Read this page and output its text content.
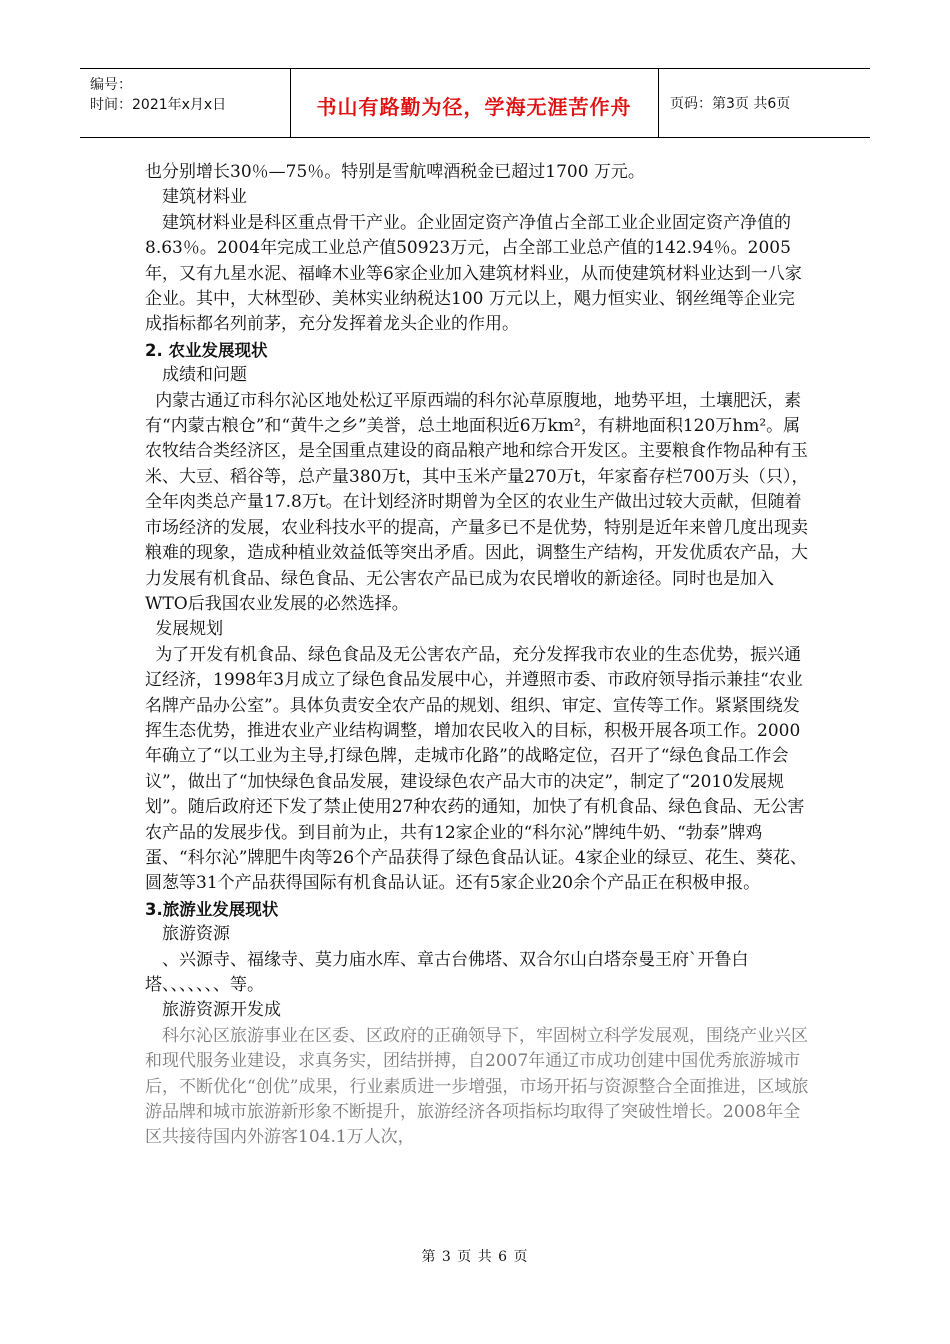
编号：
时间：2021年x月x日	书山有路勤为径，学海无涯苦作舟	页码：第3页 共6页

也分别增长30％—75％。特别是雪航啤酒税金已超过1700 万元。

建筑材料业

建筑材料业是科区重点骨干产业。企业固定资产净值占全部工业企业固定资产净值的8.63％。2004年完成工业总产值50923万元，占全部工业总产值的142.94％。2005年，又有九星水泥、福峰木业等6家企业加入建筑材料业，从而使建筑材料业达到一八家企业。其中，大林型砂、美林实业纳税达100 万元以上，飓力恒实业、钢丝绳等企业完成指标都名列前茅，充分发挥着龙头企业的作用。

2. 农业发展现状

成绩和问题

内蒙古通辽市科尔沁区地处松辽平原西端的科尔沁草原腹地，地势平坦，土壤肥沃，素有“内蒙古粮仓”和“黄牛之乡”美誉，总土地面积近6万km²，有耕地面积120万hm²。属农牧结合类经济区，是全国重点建设的商品粮产地和综合开发区。主要粮食作物品种有玉米、大豆、稻谷等，总产量380万t，其中玉米产量270万t，年家畜存栏700万头（只），全年肉类总产量17.8万t。在计划经济时期曾为全区的农业生产做出过较大贡献，但随着市场经济的发展，农业科技水平的提高，产量多已不是优势，特别是近年来曾几度出现卖粮难的现象，造成种植业效益低等突出矛盾。因此，调整生产结构，开发优质农产品，大力发展有机食品、绿色食品、无公害农产品已成为农民增收的新途径。同时也是加入WTO后我国农业发展的必然选择。

发展规划

为了开发有机食品、绿色食品及无公害农产品，充分发挥我市农业的生态优势，振兴通辽经济，1998年3月成立了绿色食品发展中心，并遵照市委、市政府领导指示兼挂“农业名牌产品办公室”。具体负责安全农产品的规划、组织、审定、宣传等工作。紧紧围绕发挥生态优势，推进农业产业结构调整，增加农民收入的目标，积极开展各项工作。2000年确立了“以工业为主导,打绿色牌，走城市化路”的战略定位，召开了“绿色食品工作会议”，做出了“加快绿色食品发展，建设绿色农产品大市的决定”，制定了“2010发展规划”。随后政府还下发了禁止使用27种农药的通知，加快了有机食品、绿色食品、无公害农产品的发展步伐。到目前为止，共有12家企业的“科尔沁”牌纯牛奶、“勃泰”牌鸡蛋、“科尔沁”牌肥牛肉等26个产品获得了绿色食品认证。4家企业的绿豆、花生、葵花、圆葱等31个产品获得国际有机食品认证。还有5家企业20余个产品正在积极申报。

3.旅游业发展现状

旅游资源

、兴源寺、福缘寺、莫力庙水库、章古台佛塔、双合尔山白塔奈曼王府`开鲁白塔、、、、、、、等。

旅游资源开发成

科尔沁区旅游事业在区委、区政府的正确领导下，牢固树立科学发展观，围绕产业兴区和现代服务业建设，求真务实，团结拼搏，自2007年通辽市成功创建中国优秀旅游城市后，不断优化“创优”成果，行业素质进一步增强，市场开拓与资源整合全面推进，区域旅游品牌和城市旅游新形象不断提升，旅游经济各项指标均取得了突破性增长。2008年全区共接待国内外游客104.1万人次，

第 3 页 共 6 页
